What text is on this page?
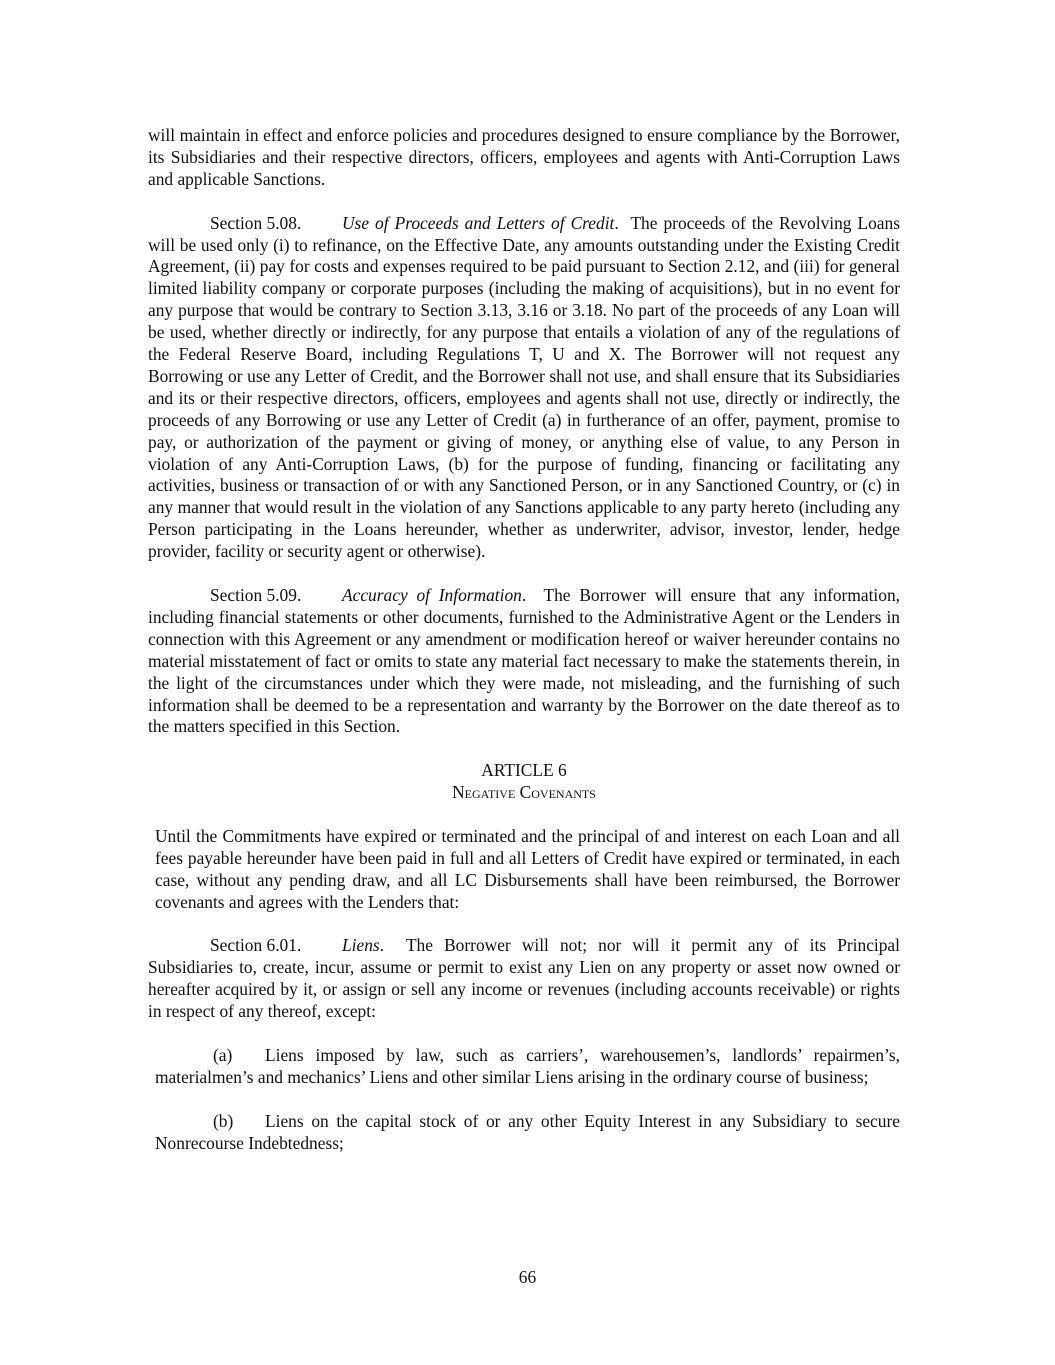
will maintain in effect and enforce policies and procedures designed to ensure compliance by the Borrower, its Subsidiaries and their respective directors, officers, employees and agents with Anti-Corruption Laws and applicable Sanctions.

Section 5.08. Use of Proceeds and Letters of Credit.  The proceeds of the Revolving Loans will be used only (i) to refinance, on the Effective Date, any amounts outstanding under the Existing Credit Agreement, (ii) pay for costs and expenses required to be paid pursuant to Section 2.12, and (iii) for general limited liability company or corporate purposes (including the making of acquisitions), but in no event for any purpose that would be contrary to Section 3.13, 3.16 or 3.18. No part of the proceeds of any Loan will be used, whether directly or indirectly, for any purpose that entails a violation of any of the regulations of the Federal Reserve Board, including Regulations T, U and X. The Borrower will not request any Borrowing or use any Letter of Credit, and the Borrower shall not use, and shall ensure that its Subsidiaries and its or their respective directors, officers, employees and agents shall not use, directly or indirectly, the proceeds of any Borrowing or use any Letter of Credit (a) in furtherance of an offer, payment, promise to pay, or authorization of the payment or giving of money, or anything else of value, to any Person in violation of any Anti-Corruption Laws, (b) for the purpose of funding, financing or facilitating any activities, business or transaction of or with any Sanctioned Person, or in any Sanctioned Country, or (c) in any manner that would result in the violation of any Sanctions applicable to any party hereto (including any Person participating in the Loans hereunder, whether as underwriter, advisor, investor, lender, hedge provider, facility or security agent or otherwise).

Section 5.09. Accuracy of Information.  The Borrower will ensure that any information, including financial statements or other documents, furnished to the Administrative Agent or the Lenders in connection with this Agreement or any amendment or modification hereof or waiver hereunder contains no material misstatement of fact or omits to state any material fact necessary to make the statements therein, in the light of the circumstances under which they were made, not misleading, and the furnishing of such information shall be deemed to be a representation and warranty by the Borrower on the date thereof as to the matters specified in this Section.

ARTICLE 6
Negative Covenants

Until the Commitments have expired or terminated and the principal of and interest on each Loan and all fees payable hereunder have been paid in full and all Letters of Credit have expired or terminated, in each case, without any pending draw, and all LC Disbursements shall have been reimbursed, the Borrower covenants and agrees with the Lenders that:

Section 6.01. Liens.  The Borrower will not; nor will it permit any of its Principal Subsidiaries to, create, incur, assume or permit to exist any Lien on any property or asset now owned or hereafter acquired by it, or assign or sell any income or revenues (including accounts receivable) or rights in respect of any thereof, except:

(a) Liens imposed by law, such as carriers’, warehousemen’s, landlords’ repairmen’s, materialmen’s and mechanics’ Liens and other similar Liens arising in the ordinary course of business;

(b) Liens on the capital stock of or any other Equity Interest in any Subsidiary to secure Nonrecourse Indebtedness;

66
